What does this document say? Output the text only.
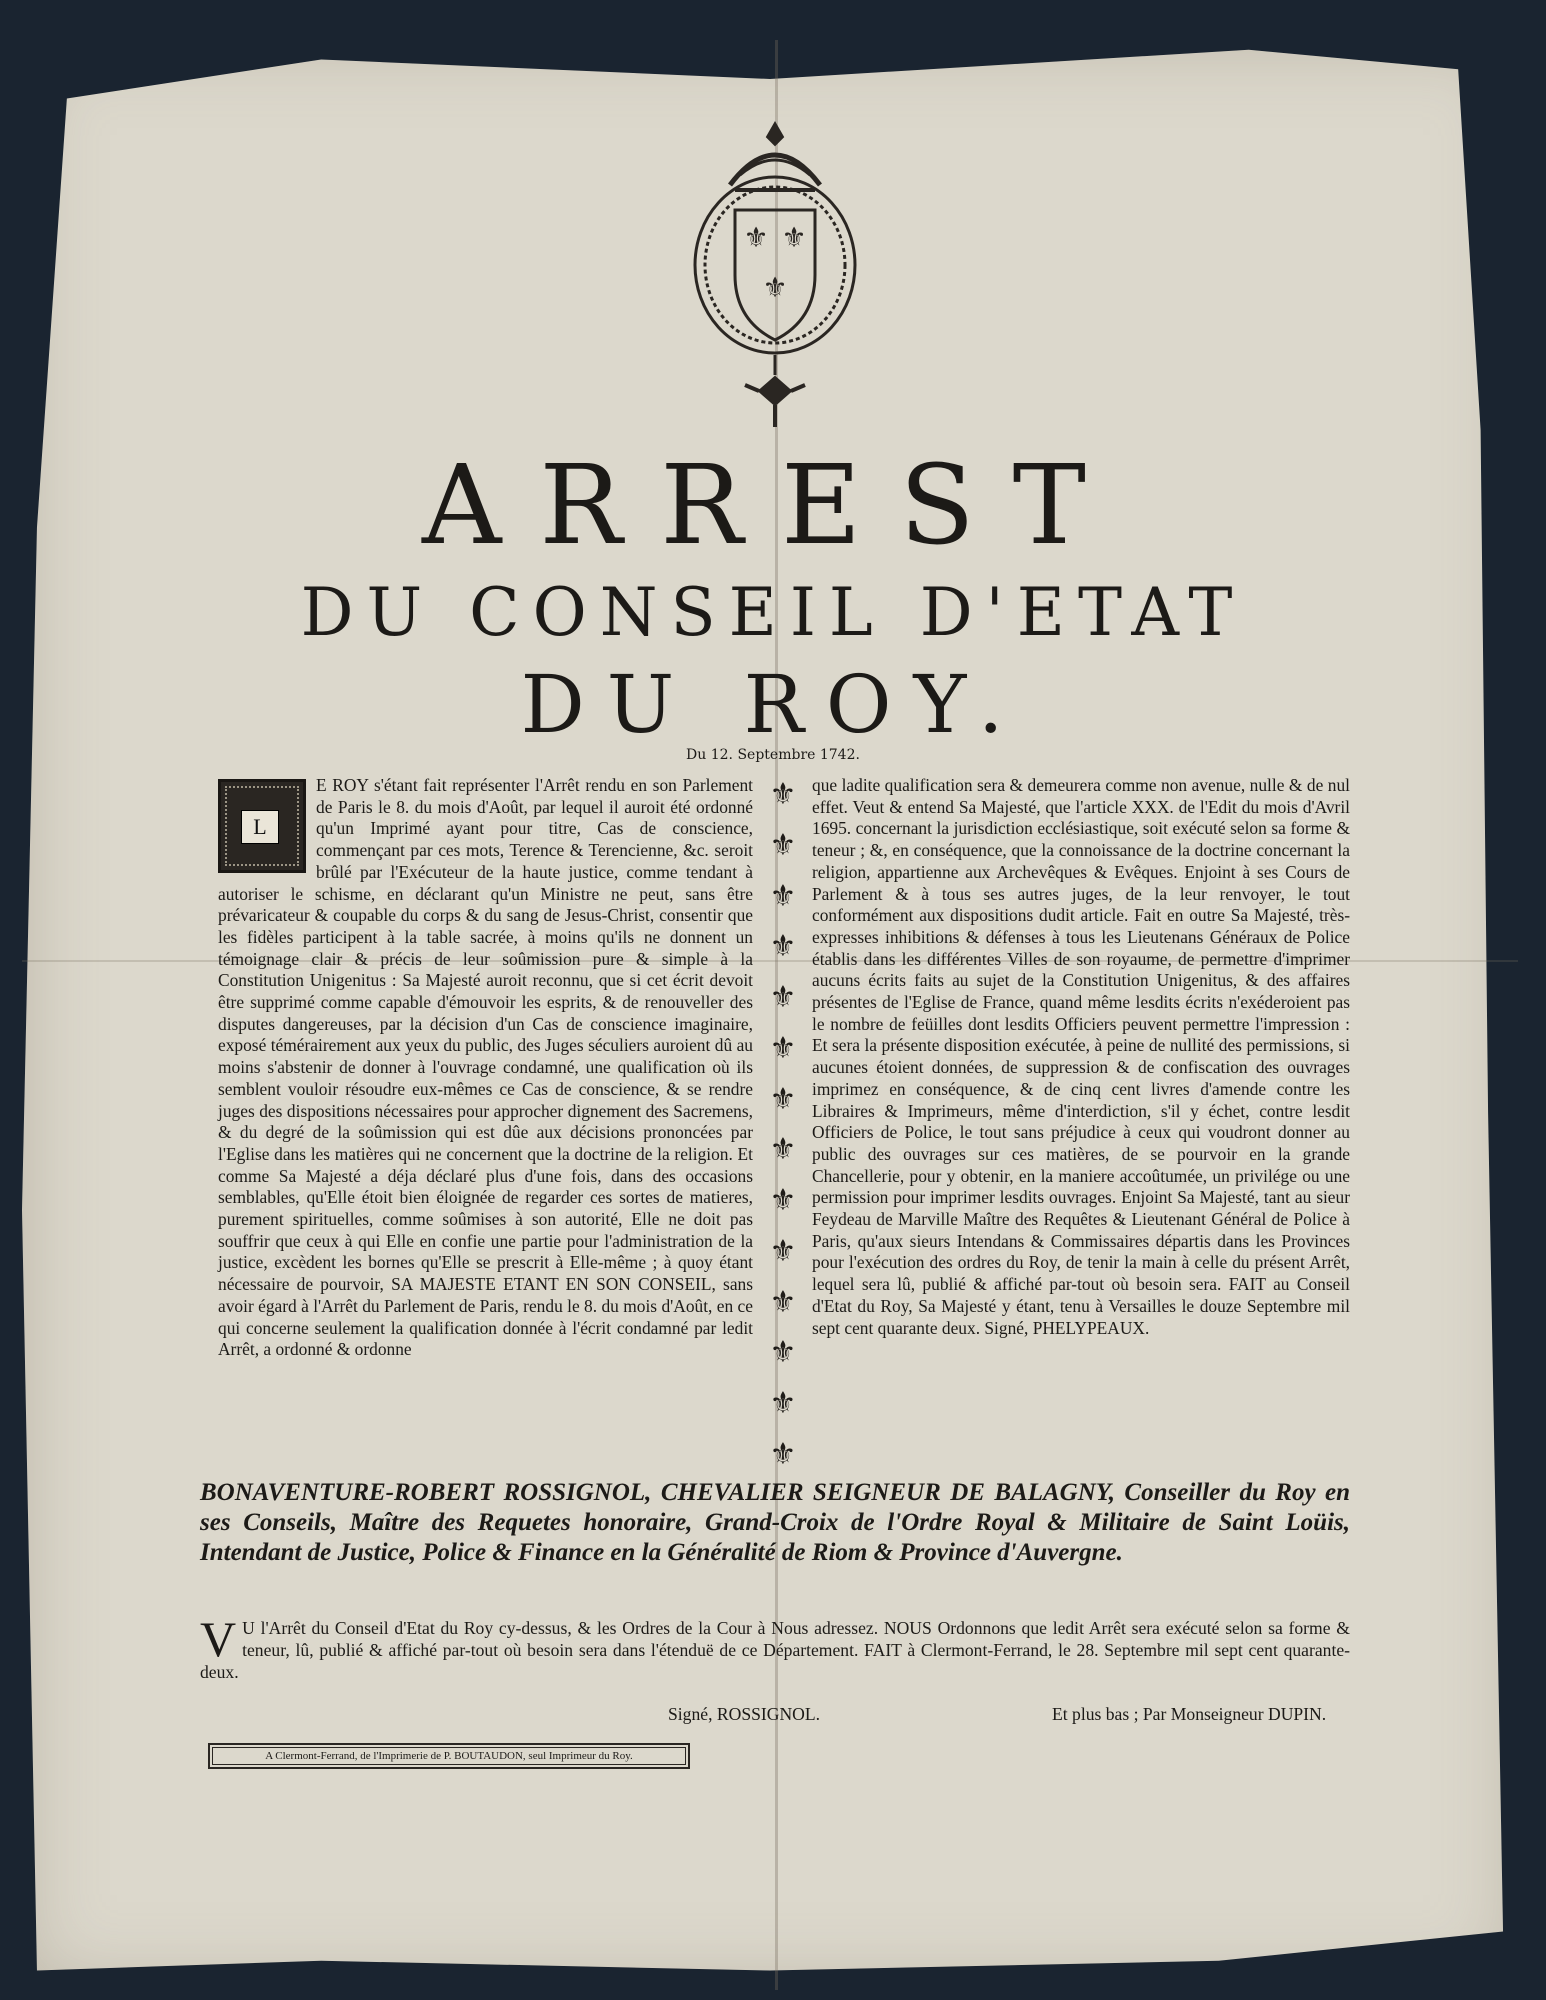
⚜ ⚜
⚜
ARREST
DU CONSEIL D'ETAT
DU ROY.
Du 12. Septembre 1742.
L

E ROY s'étant fait représenter l'Arrêt rendu en son Parlement de Paris le 8. du mois d'Août, par lequel il auroit été ordonné qu'un Imprimé ayant pour titre, Cas de conscience, commençant par ces mots, Terence & Terencienne, &c. seroit brûlé par l'Exécuteur de la haute justice, comme tendant à autoriser le schisme, en déclarant qu'un Ministre ne peut, sans être prévaricateur & coupable du corps & du sang de Jesus-Christ, consentir que les fidèles participent à la table sacrée, à moins qu'ils ne donnent un témoignage clair & précis de leur soûmission pure & simple à la Constitution Unigenitus : Sa Majesté auroit reconnu, que si cet écrit devoit être supprimé comme capable d'émouvoir les esprits, & de renouveller des disputes dangereuses, par la décision d'un Cas de conscience imaginaire, exposé témérairement aux yeux du public, des Juges séculiers auroient dû au moins s'abstenir de donner à l'ouvrage condamné, une qualification où ils semblent vouloir résoudre eux-mêmes ce Cas de conscience, & se rendre juges des dispositions nécessaires pour approcher dignement des Sacremens, & du degré de la soûmission qui est dûe aux décisions prononcées par l'Eglise dans les matières qui ne concernent que la doctrine de la religion. Et comme Sa Majesté a déja déclaré plus d'une fois, dans des occasions semblables, qu'Elle étoit bien éloignée de regarder ces sortes de matieres, purement spirituelles, comme soûmises à son autorité, Elle ne doit pas souffrir que ceux à qui Elle en confie une partie pour l'administration de la justice, excèdent les bornes qu'Elle se prescrit à Elle-même ; à quoy étant nécessaire de pourvoir, SA MAJESTE ETANT EN SON CONSEIL, sans avoir égard à l'Arrêt du Parlement de Paris, rendu le 8. du mois d'Août, en ce qui concerne seulement la qualification donnée à l'écrit condamné par ledit Arrêt, a ordonné & ordonne

⚜
⚜
⚜
⚜
⚜
⚜
⚜
⚜
⚜
⚜
⚜
⚜
⚜
⚜

que ladite qualification sera & demeurera comme non avenue, nulle & de nul effet. Veut & entend Sa Majesté, que l'article XXX. de l'Edit du mois d'Avril 1695. concernant la jurisdiction ecclésiastique, soit exécuté selon sa forme & teneur ; &, en conséquence, que la connoissance de la doctrine concernant la religion, appartienne aux Archevêques & Evêques. Enjoint à ses Cours de Parlement & à tous ses autres juges, de la leur renvoyer, le tout conformément aux dispositions dudit article. Fait en outre Sa Majesté, très-expresses inhibitions & défenses à tous les Lieutenans Généraux de Police établis dans les différentes Villes de son royaume, de permettre d'imprimer aucuns écrits faits au sujet de la Constitution Unigenitus, & des affaires présentes de l'Eglise de France, quand même lesdits écrits n'exéderoient pas le nombre de feüilles dont lesdits Officiers peuvent permettre l'impression : Et sera la présente disposition exécutée, à peine de nullité des permissions, si aucunes étoient données, de suppression & de confiscation des ouvrages imprimez en conséquence, & de cinq cent livres d'amende contre les Libraires & Imprimeurs, même d'interdiction, s'il y échet, contre lesdit Officiers de Police, le tout sans préjudice à ceux qui voudront donner au public des ouvrages sur ces matières, de se pourvoir en la grande Chancellerie, pour y obtenir, en la maniere accoûtumée, un privilége ou une permission pour imprimer lesdits ouvrages. Enjoint Sa Majesté, tant au sieur Feydeau de Marville Maître des Requêtes & Lieutenant Général de Police à Paris, qu'aux sieurs Intendans & Commissaires départis dans les Provinces pour l'exécution des ordres du Roy, de tenir la main à celle du présent Arrêt, lequel sera lû, publié & affiché par-tout où besoin sera. FAIT au Conseil d'Etat du Roy, Sa Majesté y étant, tenu à Versailles le douze Septembre mil sept cent quarante deux. Signé, PHELYPEAUX.

BONAVENTURE-ROBERT ROSSIGNOL, CHEVALIER SEIGNEUR DE BALAGNY, Conseiller du Roy en ses Conseils, Maître des Requetes honoraire, Grand-Croix de l'Ordre Royal & Militaire de Saint Loüis, Intendant de Justice, Police & Finance en la Généralité de Riom & Province d'Auvergne.
V U l'Arrêt du Conseil d'Etat du Roy cy-dessus, & les Ordres de la Cour à Nous adressez. NOUS Ordonnons que ledit Arrêt sera exécuté selon sa forme & teneur, lû, publié & affiché par-tout où besoin sera dans l'étenduë de ce Département. FAIT à Clermont-Ferrand, le 28. Septembre mil sept cent quarante-deux.
Signé, ROSSIGNOL.	Et plus bas ; Par Monseigneur DUPIN.
A Clermont-Ferrand, de l'Imprimerie de P. BOUTAUDON, seul Imprimeur du Roy.
